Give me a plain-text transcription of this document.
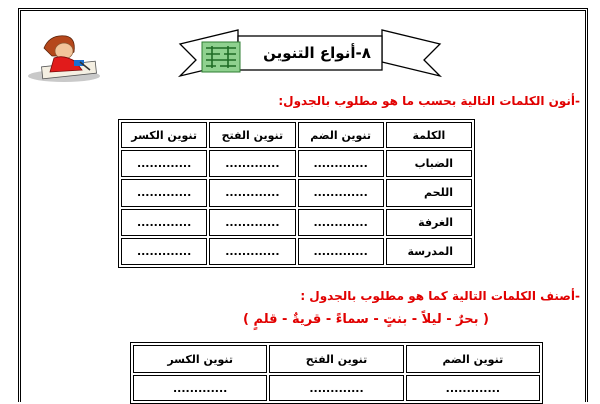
٨-أنواع التنوين
-أنون الكلمات التالية بحسب ما هو مطلوب بالجدول:
الكلمة	تنوين الضم	تنوين الفتح	تنوين الكسر
الضباب	.............	.............	.............
اللحم	.............	.............	.............
الغرفة	.............	.............	.............
المدرسة	.............	.............	.............
-أصنف الكلمات التالية كما هو مطلوب بالجدول :
( بحرٌ - ليلاً - بنتٍ - سماءً - قريةٌ - قلمٍ )
تنوين الضم	تنوين الفتح	تنوين الكسر
.............	.............	.............
